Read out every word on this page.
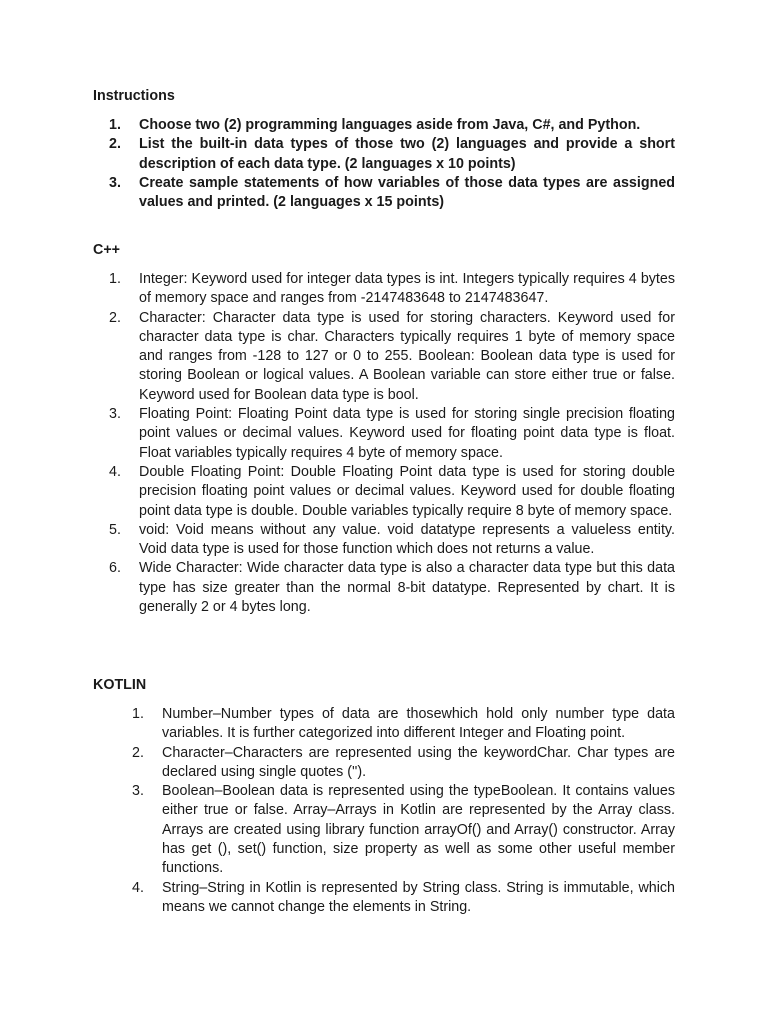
Instructions
1. Choose two (2) programming languages aside from Java, C#, and Python.
2. List the built-in data types of those two (2) languages and provide a short description of each data type. (2 languages x 10 points)
3. Create sample statements of how variables of those data types are assigned values and printed. (2 languages x 15 points)
C++
1. Integer: Keyword used for integer data types is int. Integers typically requires 4 bytes of memory space and ranges from -2147483648 to 2147483647.
2. Character: Character data type is used for storing characters. Keyword used for character data type is char. Characters typically requires 1 byte of memory space and ranges from -128 to 127 or 0 to 255. Boolean: Boolean data type is used for storing Boolean or logical values. A Boolean variable can store either true or false. Keyword used for Boolean data type is bool.
3. Floating Point: Floating Point data type is used for storing single precision floating point values or decimal values. Keyword used for floating point data type is float. Float variables typically requires 4 byte of memory space.
4. Double Floating Point: Double Floating Point data type is used for storing double precision floating point values or decimal values. Keyword used for double floating point data type is double. Double variables typically require 8 byte of memory space.
5. void: Void means without any value. void datatype represents a valueless entity. Void data type is used for those function which does not returns a value.
6. Wide Character: Wide character data type is also a character data type but this data type has size greater than the normal 8-bit datatype. Represented by chart. It is generally 2 or 4 bytes long.
KOTLIN
1. Number–Number types of data are thosewhich hold only number type data variables. It is further categorized into different Integer and Floating point.
2. Character–Characters are represented using the keywordChar. Char types are declared using single quotes ('').
3. Boolean–Boolean data is represented using the typeBoolean. It contains values either true or false. Array–Arrays in Kotlin are represented by the Array class. Arrays are created using library function arrayOf() and Array() constructor. Array has get (), set() function, size property as well as some other useful member functions.
4. String–String in Kotlin is represented by String class. String is immutable, which means we cannot change the elements in String.
